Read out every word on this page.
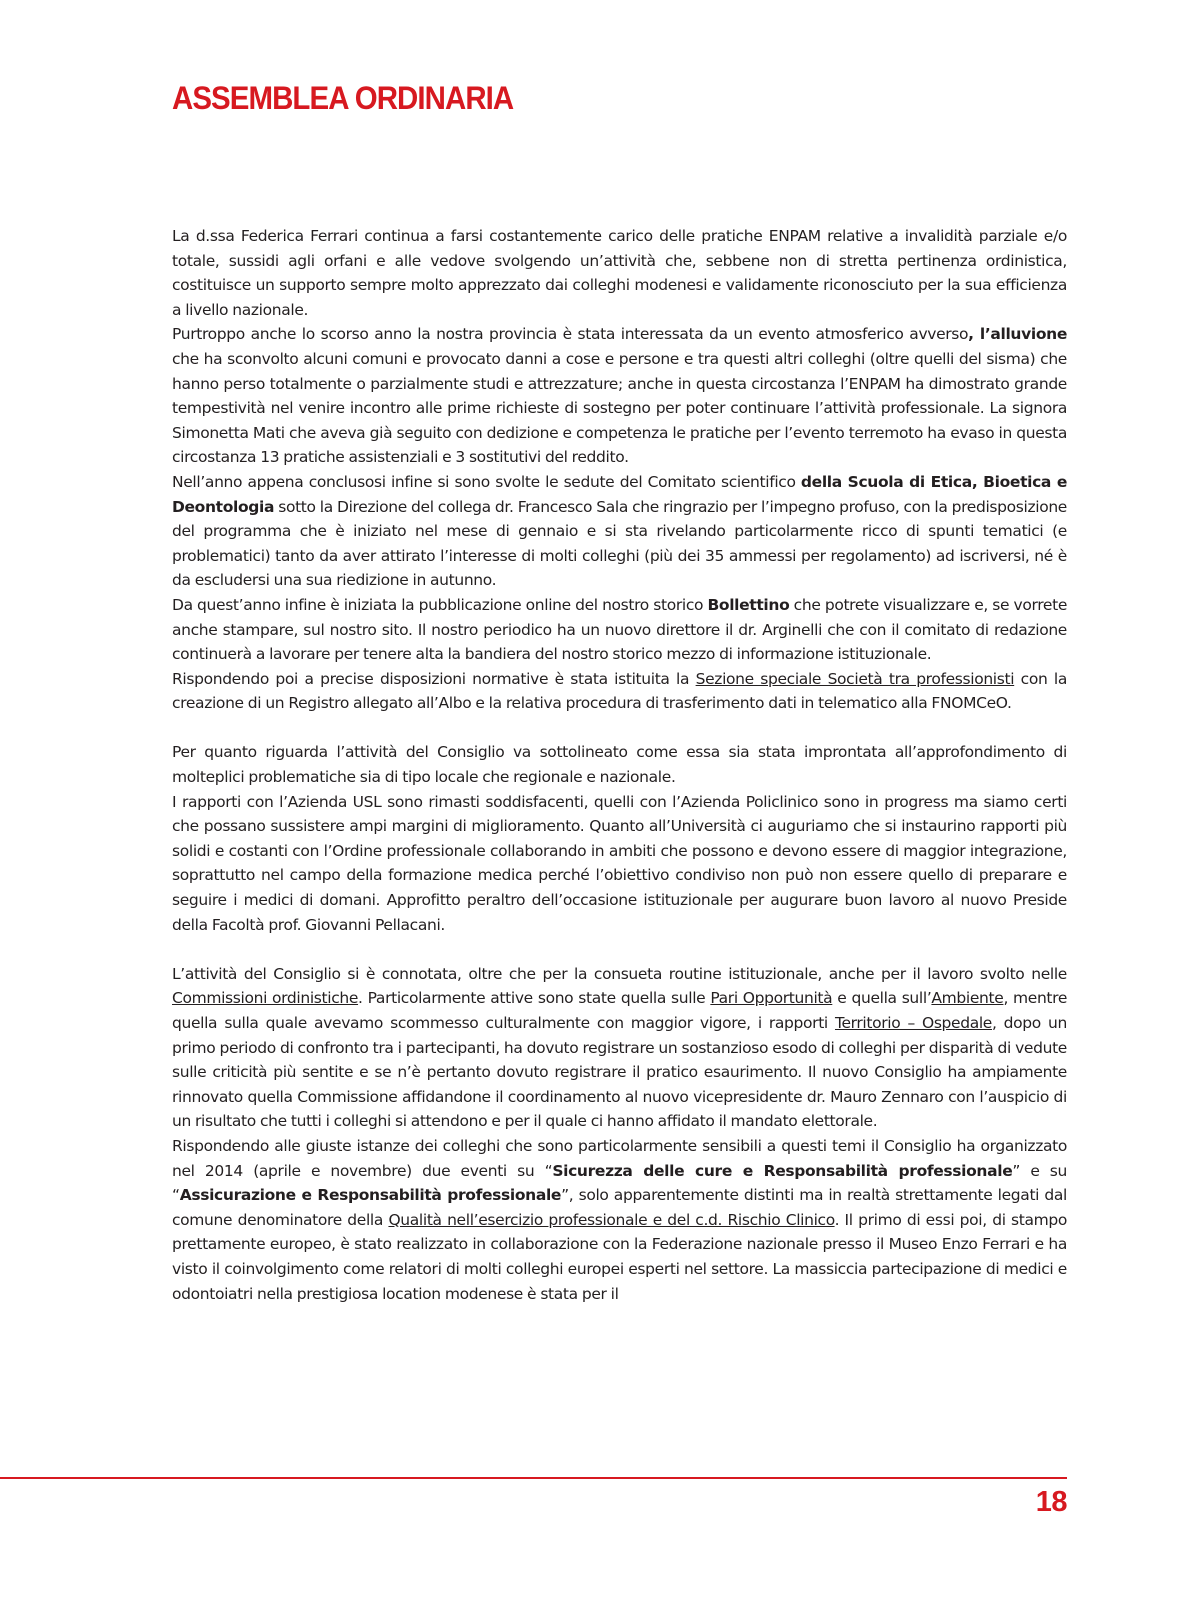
ASSEMBLEA ORDINARIA

La d.ssa Federica Ferrari continua a farsi costantemente carico delle pratiche ENPAM relative a invalidità parziale e/o totale, sussidi agli orfani e alle vedove svolgendo un’attività che, sebbene non di stretta pertinenza ordinistica, costituisce un supporto sempre molto apprezzato dai colleghi modenesi e validamente riconosciuto per la sua efficienza a livello nazionale.

Purtroppo anche lo scorso anno la nostra provincia è stata interessata da un evento atmosferico avverso, l’alluvione che ha sconvolto alcuni comuni e provocato danni a cose e persone e tra questi altri colleghi (oltre quelli del sisma) che hanno perso totalmente o parzialmente studi e attrezzature; anche in questa circostanza l’ENPAM ha dimostrato grande tempestività nel venire incontro alle prime richieste di sostegno per poter continuare l’attività professionale. La signora Simonetta Mati che aveva già seguito con dedizione e competenza le pratiche per l’evento terremoto ha evaso in questa circostanza 13 pratiche assistenziali e 3 sostitutivi del reddito.

Nell’anno appena conclusosi infine si sono svolte le sedute del Comitato scientifico della Scuola di Etica, Bioetica e Deontologia sotto la Direzione del collega dr. Francesco Sala che ringrazio per l’impegno profuso, con la predisposizione del programma che è iniziato nel mese di gennaio e si sta rivelando particolarmente ricco di spunti tematici (e problematici) tanto da aver attirato l’interesse di molti colleghi (più dei 35 ammessi per regolamento) ad iscriversi, né è da escludersi una sua riedizione in autunno.

Da quest’anno infine è iniziata la pubblicazione online del nostro storico Bollettino che potrete visualizzare e, se vorrete anche stampare, sul nostro sito. Il nostro periodico ha un nuovo direttore il dr. Arginelli che con il comitato di redazione continuerà a lavorare per tenere alta la bandiera del nostro storico mezzo di informazione istituzionale.

Rispondendo poi a precise disposizioni normative è stata istituita la Sezione speciale Società tra professionisti con la creazione di un Registro allegato all’Albo e la relativa procedura di trasferimento dati in telematico alla FNOMCeO.

Per quanto riguarda l’attività del Consiglio va sottolineato come essa sia stata improntata all’approfondimento di molteplici problematiche sia di tipo locale che regionale e nazionale.

I rapporti con l’Azienda USL sono rimasti soddisfacenti, quelli con l’Azienda Policlinico sono in progress ma siamo certi che possano sussistere ampi margini di miglioramento. Quanto all’Università ci auguriamo che si instaurino rapporti più solidi e costanti con l’Ordine professionale collaborando in ambiti che possono e devono essere di maggior integrazione, soprattutto nel campo della formazione medica perché l’obiettivo condiviso non può non essere quello di preparare e seguire i medici di domani. Approfitto peraltro dell’occasione istituzionale per augurare buon lavoro al nuovo Preside della Facoltà prof. Giovanni Pellacani.

L’attività del Consiglio si è connotata, oltre che per la consueta routine istituzionale, anche per il lavoro svolto nelle Commissioni ordinistiche. Particolarmente attive sono state quella sulle Pari Opportunità e quella sull’Ambiente, mentre quella sulla quale avevamo scommesso culturalmente con maggior vigore, i rapporti Territorio – Ospedale, dopo un primo periodo di confronto tra i partecipanti, ha dovuto registrare un sostanzioso esodo di colleghi per disparità di vedute sulle criticità più sentite e se n’è pertanto dovuto registrare il pratico esaurimento. Il nuovo Consiglio ha ampiamente rinnovato quella Commissione affidandone il coordinamento al nuovo vicepresidente dr. Mauro Zennaro con l’auspicio di un risultato che tutti i colleghi si attendono e per il quale ci hanno affidato il mandato elettorale.

Rispondendo alle giuste istanze dei colleghi che sono particolarmente sensibili a questi temi il Consiglio ha organizzato nel 2014 (aprile e novembre) due eventi su “Sicurezza delle cure e Responsabilità professionale” e su “Assicurazione e Responsabilità professionale”, solo apparentemente distinti ma in realtà strettamente legati dal comune denominatore della Qualità nell’esercizio professionale e del c.d. Rischio Clinico. Il primo di essi poi, di stampo prettamente europeo, è stato realizzato in collaborazione con la Federazione nazionale presso il Museo Enzo Ferrari e ha visto il coinvolgimento come relatori di molti colleghi europei esperti nel settore. La massiccia partecipazione di medici e odontoiatri nella prestigiosa location modenese è stata per il

18
